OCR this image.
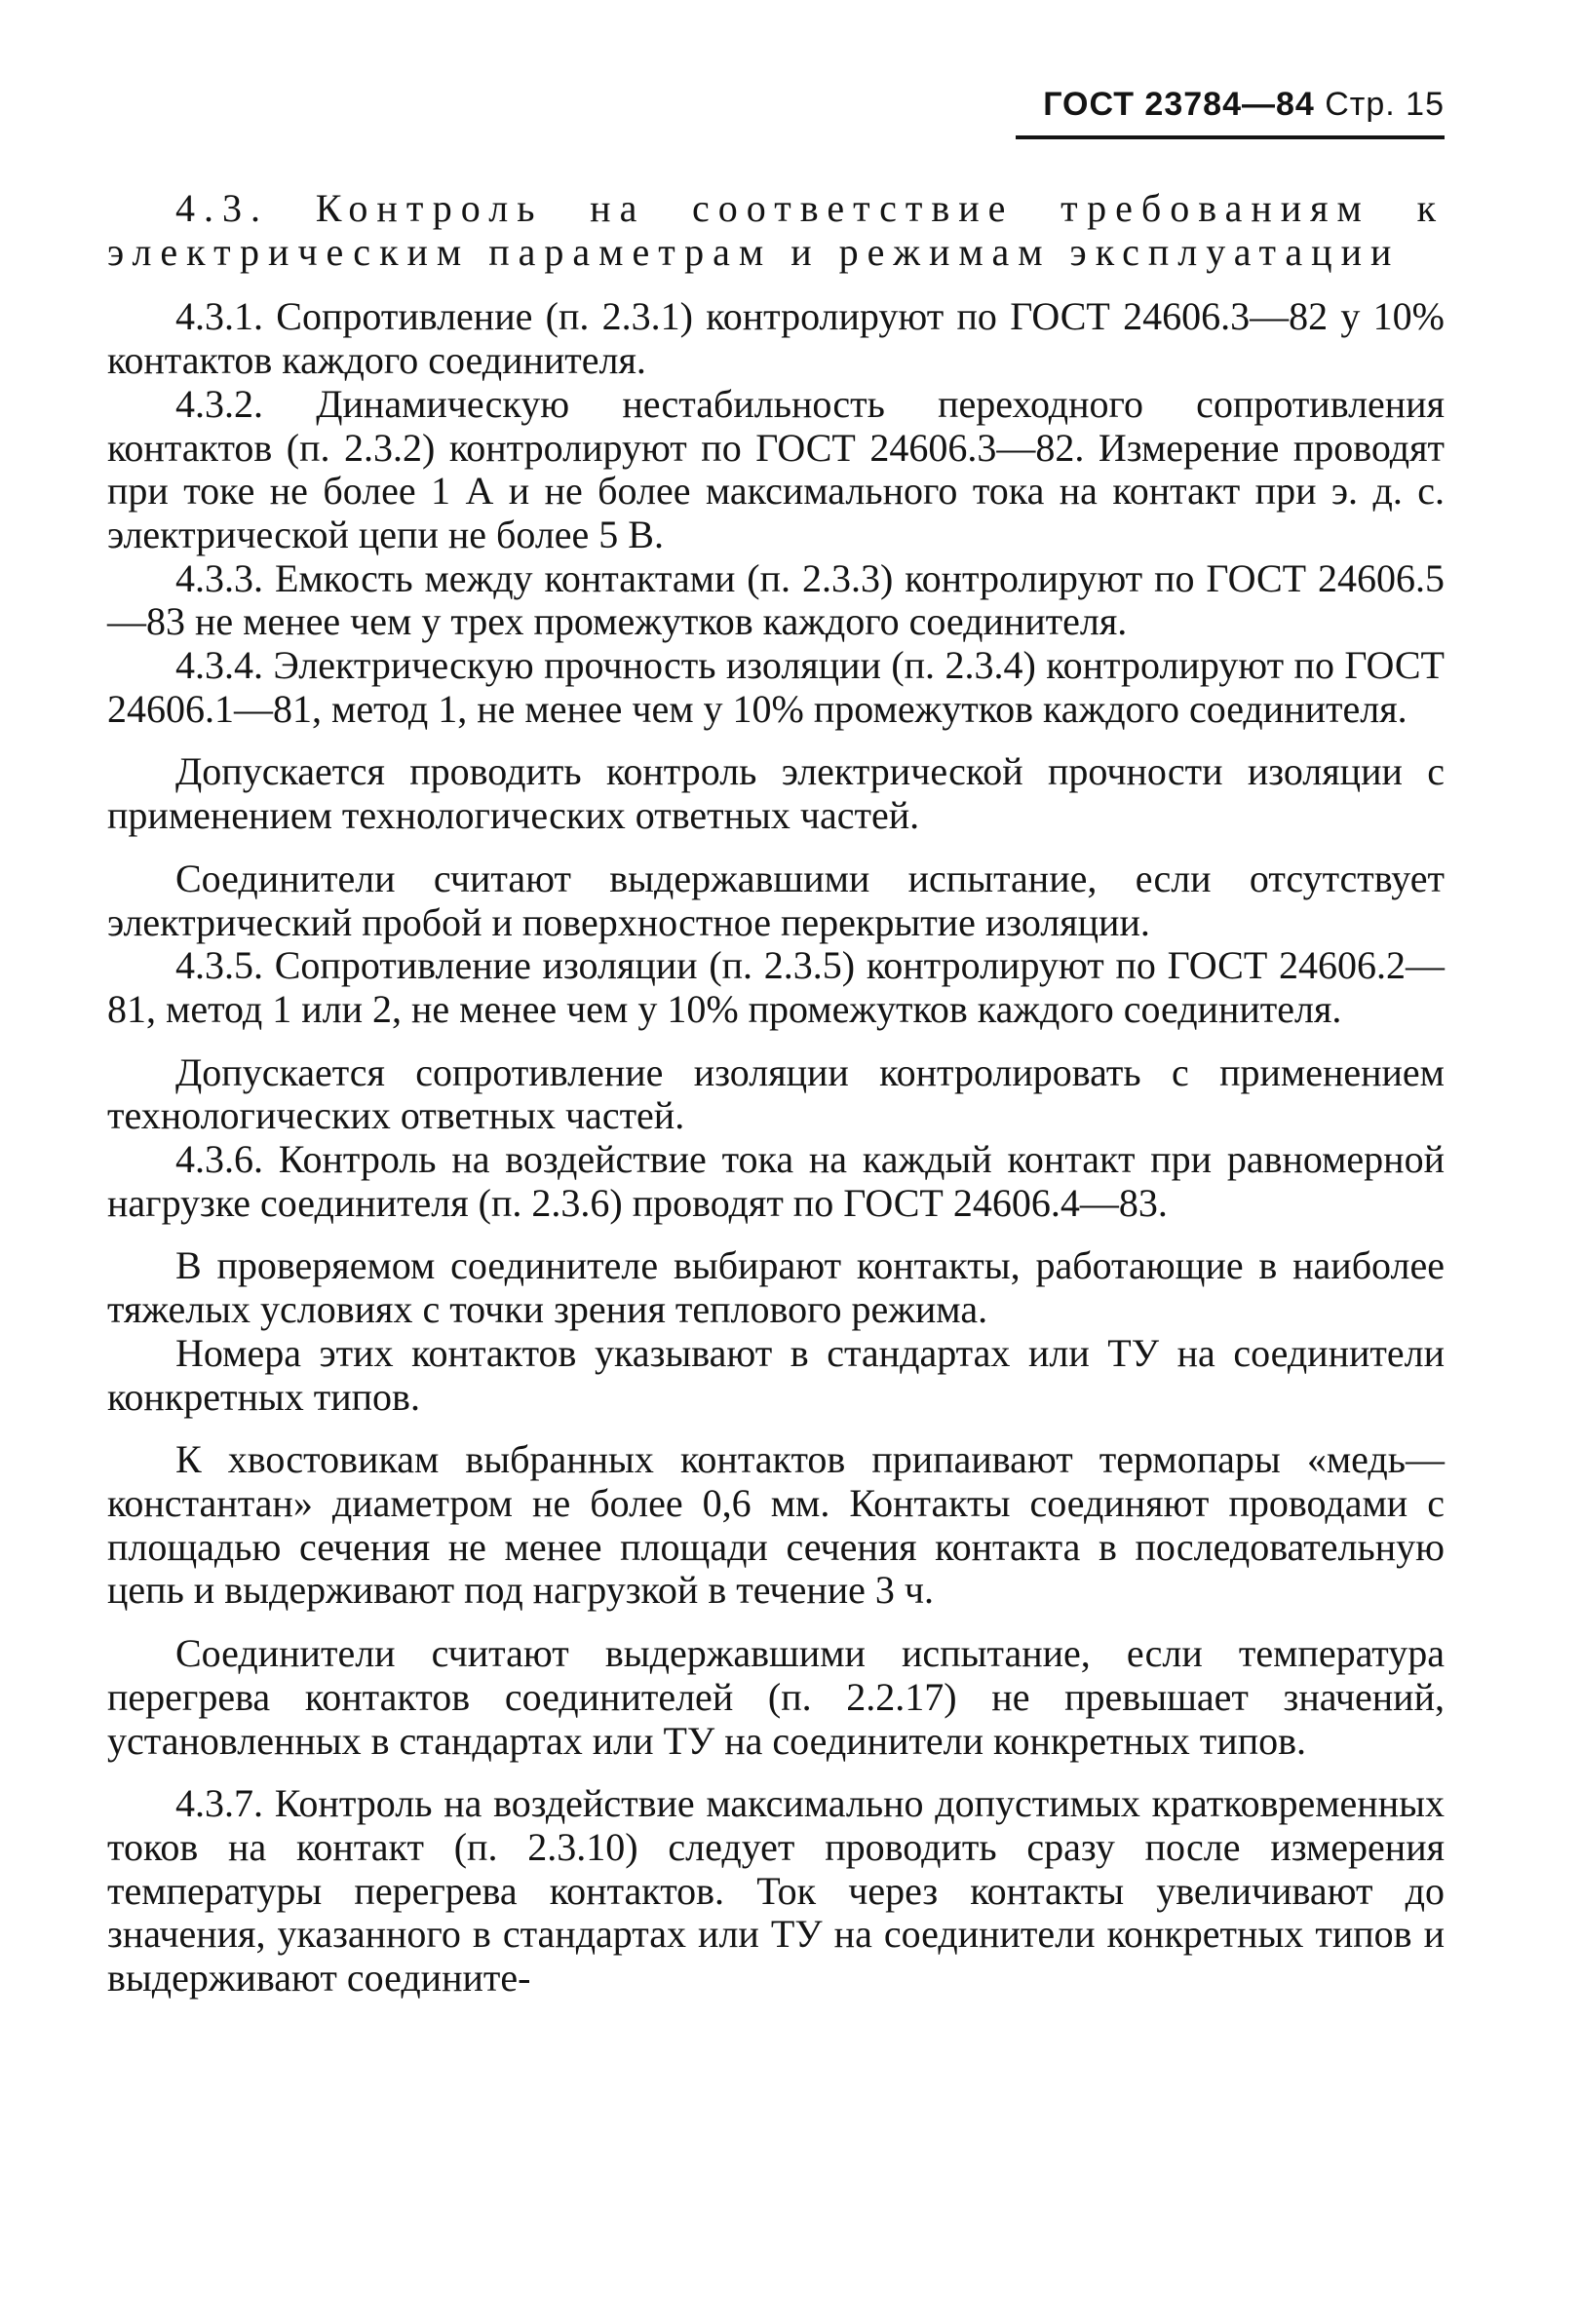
ГОСТ 23784—84 Стр. 15

4.3. Контроль на соответствие требованиям к электрическим параметрам и режимам эксплуатации

4.3.1. Сопротивление (п. 2.3.1) контролируют по ГОСТ 24606.3—82 у 10% контактов каждого соединителя.

4.3.2. Динамическую нестабильность переходного сопротивления контактов (п. 2.3.2) контролируют по ГОСТ 24606.3—82. Измерение проводят при токе не более 1 А и не более максимального тока на контакт при э. д. с. электрической цепи не более 5 В.

4.3.3. Емкость между контактами (п. 2.3.3) контролируют по ГОСТ 24606.5—83 не менее чем у трех промежутков каждого соединителя.

4.3.4. Электрическую прочность изоляции (п. 2.3.4) контролируют по ГОСТ 24606.1—81, метод 1, не менее чем у 10% промежутков каждого соединителя.

Допускается проводить контроль электрической прочности изоляции с применением технологических ответных частей.

Соединители считают выдержавшими испытание, если отсутствует электрический пробой и поверхностное перекрытие изоляции.

4.3.5. Сопротивление изоляции (п. 2.3.5) контролируют по ГОСТ 24606.2—81, метод 1 или 2, не менее чем у 10% промежутков каждого соединителя.

Допускается сопротивление изоляции контролировать с применением технологических ответных частей.

4.3.6. Контроль на воздействие тока на каждый контакт при равномерной нагрузке соединителя (п. 2.3.6) проводят по ГОСТ 24606.4—83.

В проверяемом соединителе выбирают контакты, работающие в наиболее тяжелых условиях с точки зрения теплового режима.

Номера этих контактов указывают в стандартах или ТУ на соединители конкретных типов.

К хвостовикам выбранных контактов припаивают термопары «медь—константан» диаметром не более 0,6 мм. Контакты соединяют проводами с площадью сечения не менее площади сечения контакта в последовательную цепь и выдерживают под нагрузкой в течение 3 ч.

Соединители считают выдержавшими испытание, если температура перегрева контактов соединителей (п. 2.2.17) не превышает значений, установленных в стандартах или ТУ на соединители конкретных типов.

4.3.7. Контроль на воздействие максимально допустимых кратковременных токов на контакт (п. 2.3.10) следует проводить сразу после измерения температуры перегрева контактов. Ток через контакты увеличивают до значения, указанного в стандартах или ТУ на соединители конкретных типов и выдерживают соедините-
